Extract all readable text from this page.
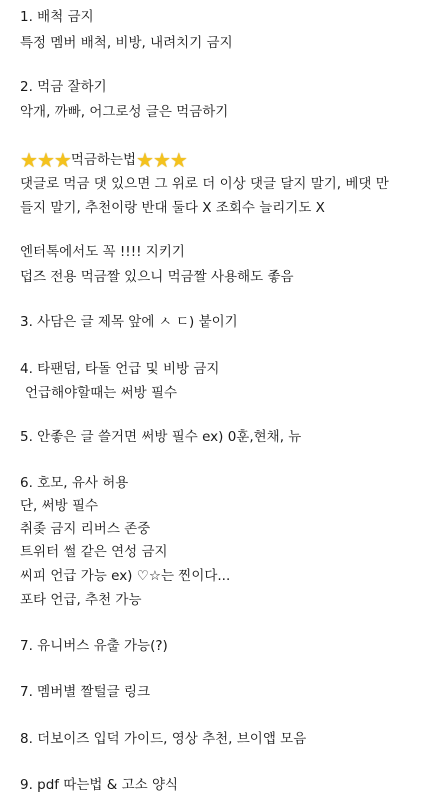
1. 배척 금지
특정 멤버 배척, 비방, 내려치기 금지
2. 먹금 잘하기
악개, 까빠, 어그로성 글은 먹금하기
★ ★ ★ 먹금하는법 ★ ★ ★
댓글로 먹금 댓 있으면 그 위로 더 이상 댓글 달지 말기, 베댓 만
들지 말기, 추천이랑 반대 둘다 X 조회수 늘리기도 X
엔터톡에서도 꼭 !!!! 지키기
덥즈 전용 먹금짤 있으니 먹금짤 사용해도 좋음
3. 사담은 글 제목 앞에 ㅅ ㄷ) 붙이기
4. 타팬덤, 타돌 언급 및 비방 금지
언급해야할때는 써방 필수
5. 안좋은 글 쓸거면 써방 필수 ex) 0훈,현채, 뉴
6. 호모, 유사 허용
단, 써방 필수
취좆 금지 리버스 존중
트위터 썰 같은 연성 금지
씨피 언급 가능 ex) ♡☆는 찐이다...
포타 언급, 추천 가능
7. 유니버스 유출 가능(?)
7. 멤버별 짤털글 링크
8. 더보이즈 입덕 가이드, 영상 추천, 브이앱 모음
9. pdf 따는법 & 고소 양식
